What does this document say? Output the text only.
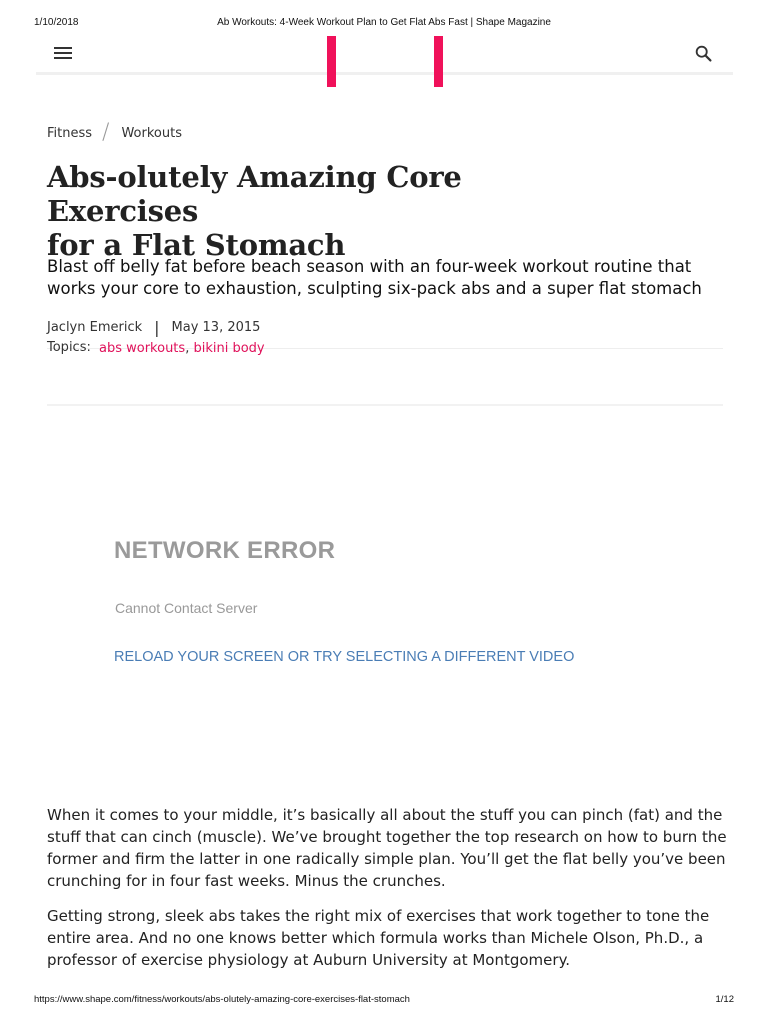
1/10/2018	Ab Workouts: 4-Week Workout Plan to Get Flat Abs Fast | Shape Magazine
Fitness / Workouts
Abs-olutely Amazing Core Exercises
for a Flat Stomach

Blast off belly fat before beach season with an four-week workout routine that works your core to exhaustion, sculpting six-pack abs and a super flat stomach

Jaclyn Emerick | May 13, 2015
Topics: abs workouts, bikini body
NETWORK ERROR
Cannot Contact Server
RELOAD YOUR SCREEN OR TRY SELECTING A DIFFERENT VIDEO

When it comes to your middle, it’s basically all about the stuff you can pinch (fat) and the stuff that can cinch (muscle). We’ve brought together the top research on how to burn the former and firm the latter in one radically simple plan. You’ll get the flat belly you’ve been crunching for in four fast weeks. Minus the crunches.

Getting strong, sleek abs takes the right mix of exercises that work together to tone the entire area. And no one knows better which formula works than Michele Olson, Ph.D., a professor of exercise physiology at Auburn University at Montgomery.

https://www.shape.com/fitness/workouts/abs-olutely-amazing-core-exercises-flat-stomach	1/12
